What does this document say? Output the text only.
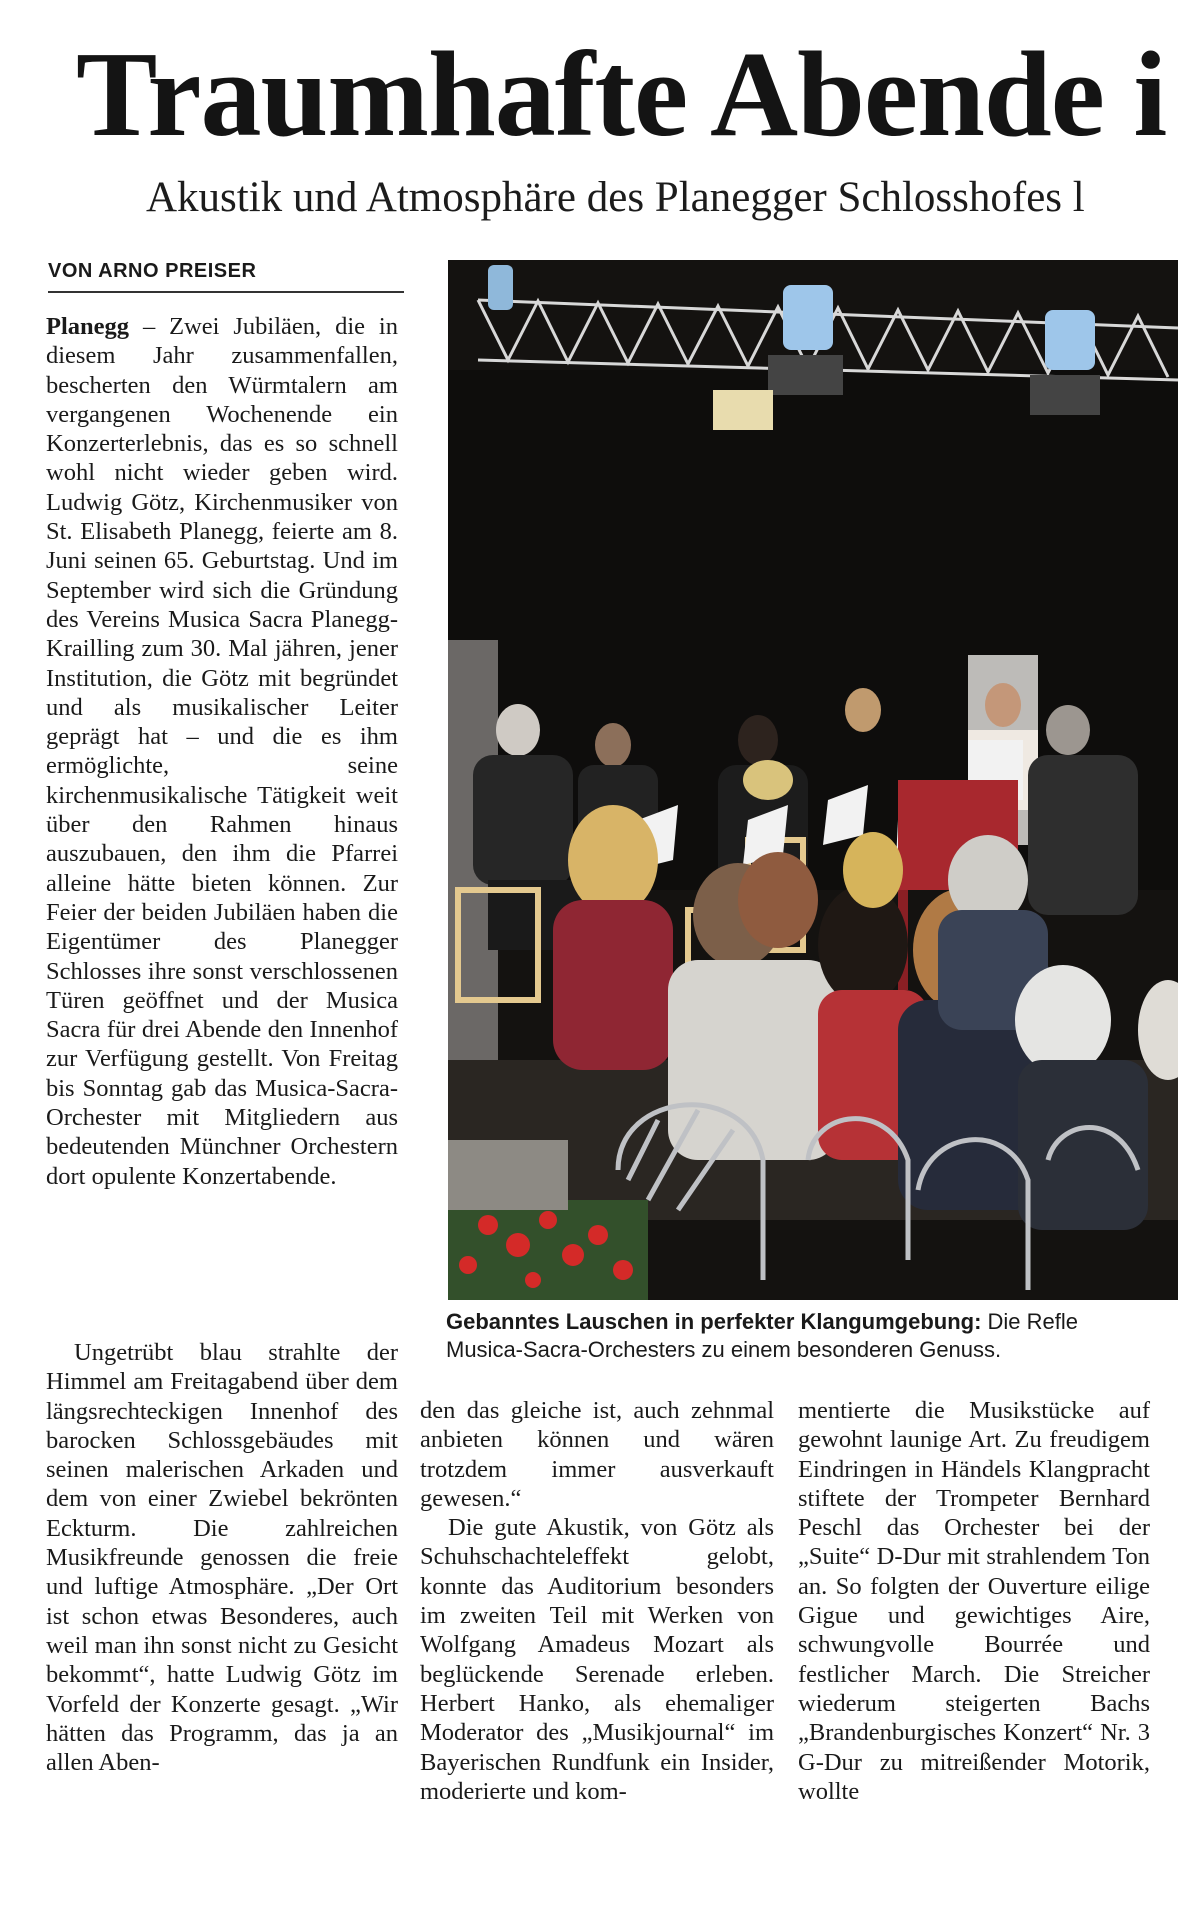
Traumhafte Abende i
Akustik und Atmosphäre des Planegger Schlosshofes l
VON ARNO PREISER

Planegg – Zwei Jubiläen, die in diesem Jahr zusammenfallen, bescherten den Würmtalern am vergangenen Wochenende ein Konzerterlebnis, das es so schnell wohl nicht wieder geben wird. Ludwig Götz, Kirchenmusiker von St. Elisabeth Planegg, feierte am 8. Juni seinen 65. Geburtstag. Und im September wird sich die Gründung des Vereins Musica Sacra Planegg-Krailling zum 30. Mal jähren, jener Institution, die Götz mit begründet und als musikalischer Leiter geprägt hat – und die es ihm ermöglichte, seine kirchenmusikalische Tätigkeit weit über den Rahmen hinaus auszubauen, den ihm die Pfarrei alleine hätte bieten können. Zur Feier der beiden Jubiläen haben die Eigentümer des Planegger Schlosses ihre sonst verschlossenen Türen geöffnet und der Musica Sacra für drei Abende den Innenhof zur Verfügung gestellt. Von Freitag bis Sonntag gab das Musica-Sacra-Orchester mit Mitgliedern aus bedeutenden Münchner Orchestern dort opulente Konzertabende.

Ungetrübt blau strahlte der Himmel am Freitagabend über dem längsrechteckigen Innenhof des barocken Schlossgebäudes mit seinen malerischen Arkaden und dem von einer Zwiebel bekrönten Eckturm. Die zahlreichen Musikfreunde genossen die freie und luftige Atmosphäre. „Der Ort ist schon etwas Besonderes, auch weil man ihn sonst nicht zu Gesicht bekommt“, hatte Ludwig Götz im Vorfeld der Konzerte gesagt. „Wir hätten das Programm, das ja an allen Aben-

den das gleiche ist, auch zehnmal anbieten können und wären trotzdem immer ausverkauft gewesen.“

Die gute Akustik, von Götz als Schuhschachteleffekt gelobt, konnte das Auditorium besonders im zweiten Teil mit Werken von Wolfgang Amadeus Mozart als beglückende Serenade erleben. Herbert Hanko, als ehemaliger Moderator des „Musikjournal“ im Bayerischen Rundfunk ein Insider, moderierte und kom-

mentierte die Musikstücke auf gewohnt launige Art. Zu freudigem Eindringen in Händels Klangpracht stiftete der Trompeter Bernhard Peschl das Orchester bei der „Suite“ D-Dur mit strahlendem Ton an. So folgten der Ouverture eilige Gigue und gewichtiges Aire, schwungvolle Bourrée und festlicher March. Die Streicher wiederum steigerten Bachs „Brandenburgisches Konzert“ Nr. 3 G-Dur zu mitreißender Motorik, wollte

Gebanntes Lauschen in perfekter Klangumgebung: Die Refle
Musica-Sacra-Orchesters zu einem besonderen Genuss.
